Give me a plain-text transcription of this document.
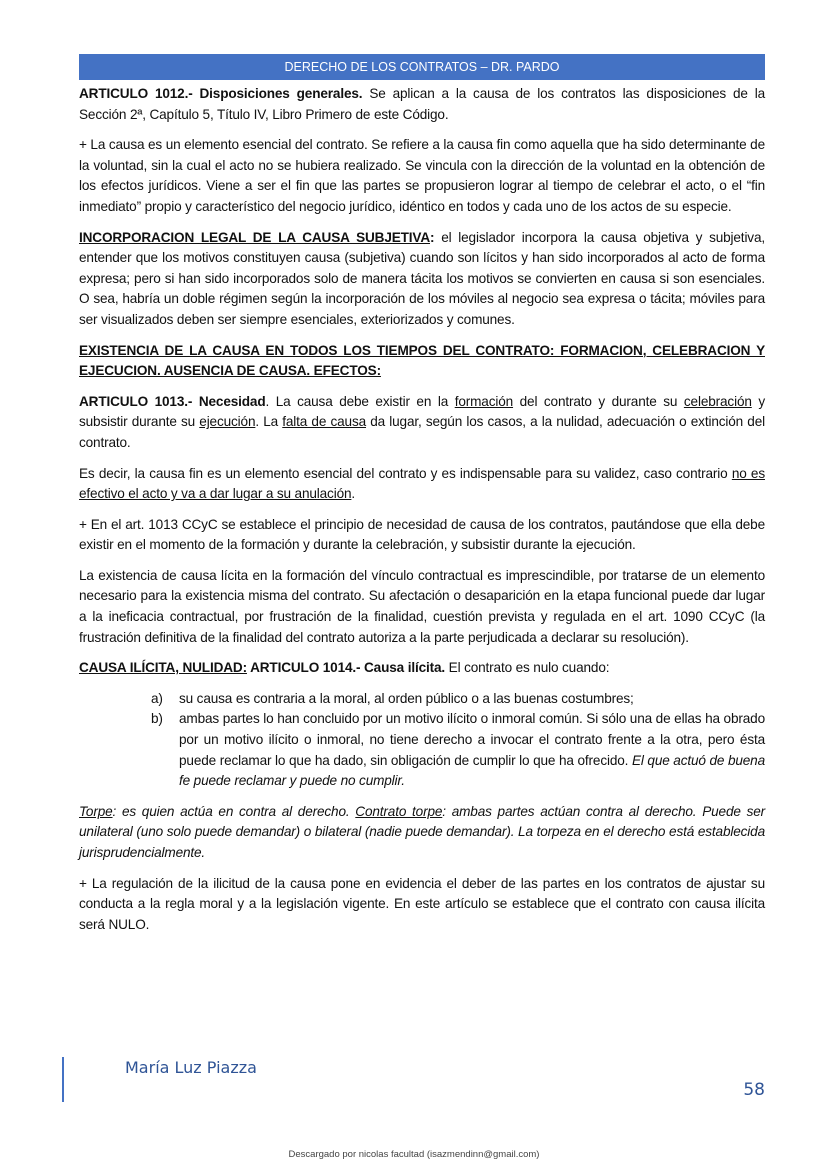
DERECHO DE LOS CONTRATOS – DR. PARDO

ARTICULO 1012.- Disposiciones generales. Se aplican a la causa de los contratos las disposiciones de la Sección 2ª, Capítulo 5, Título IV, Libro Primero de este Código.

+ La causa es un elemento esencial del contrato. Se refiere a la causa fin como aquella que ha sido determinante de la voluntad, sin la cual el acto no se hubiera realizado. Se vincula con la dirección de la voluntad en la obtención de los efectos jurídicos. Viene a ser el fin que las partes se propusieron lograr al tiempo de celebrar el acto, o el “fin inmediato” propio y característico del negocio jurídico, idéntico en todos y cada uno de los actos de su especie.

INCORPORACION LEGAL DE LA CAUSA SUBJETIVA: el legislador incorpora la causa objetiva y subjetiva, entender que los motivos constituyen causa (subjetiva) cuando son lícitos y han sido incorporados al acto de forma expresa; pero si han sido incorporados solo de manera tácita los motivos se convierten en causa si son esenciales. O sea, habría un doble régimen según la incorporación de los móviles al negocio sea expresa o tácita; móviles para ser visualizados deben ser siempre esenciales, exteriorizados y comunes.

EXISTENCIA DE LA CAUSA EN TODOS LOS TIEMPOS DEL CONTRATO: FORMACION, CELEBRACION Y EJECUCION. AUSENCIA DE CAUSA. EFECTOS:

ARTICULO 1013.- Necesidad. La causa debe existir en la formación del contrato y durante su celebración y subsistir durante su ejecución. La falta de causa da lugar, según los casos, a la nulidad, adecuación o extinción del contrato.

Es decir, la causa fin es un elemento esencial del contrato y es indispensable para su validez, caso contrario no es efectivo el acto y va a dar lugar a su anulación.

+ En el art. 1013 CCyC se establece el principio de necesidad de causa de los contratos, pautándose que ella debe existir en el momento de la formación y durante la celebración, y subsistir durante la ejecución.

La existencia de causa lícita en la formación del vínculo contractual es imprescindible, por tratarse de un elemento necesario para la existencia misma del contrato. Su afectación o desaparición en la etapa funcional puede dar lugar a la ineficacia contractual, por frustración de la finalidad, cuestión prevista y regulada en el art. 1090 CCyC (la frustración definitiva de la finalidad del contrato autoriza a la parte perjudicada a declarar su resolución).

CAUSA ILÍCITA, NULIDAD: ARTICULO 1014.- Causa ilícita. El contrato es nulo cuando:

a) su causa es contraria a la moral, al orden público o a las buenas costumbres;
b) ambas partes lo han concluido por un motivo ilícito o inmoral común. Si sólo una de ellas ha obrado por un motivo ilícito o inmoral, no tiene derecho a invocar el contrato frente a la otra, pero ésta puede reclamar lo que ha dado, sin obligación de cumplir lo que ha ofrecido. El que actuó de buena fe puede reclamar y puede no cumplir.

Torpe: es quien actúa en contra al derecho. Contrato torpe: ambas partes actúan contra al derecho. Puede ser unilateral (uno solo puede demandar) o bilateral (nadie puede demandar). La torpeza en el derecho está establecida jurisprudencialmente.

+ La regulación de la ilicitud de la causa pone en evidencia el deber de las partes en los contratos de ajustar su conducta a la regla moral y a la legislación vigente. En este artículo se establece que el contrato con causa ilícita será NULO.

María Luz Piazza
58
Descargado por nicolas facultad (isazmendinn@gmail.com)
